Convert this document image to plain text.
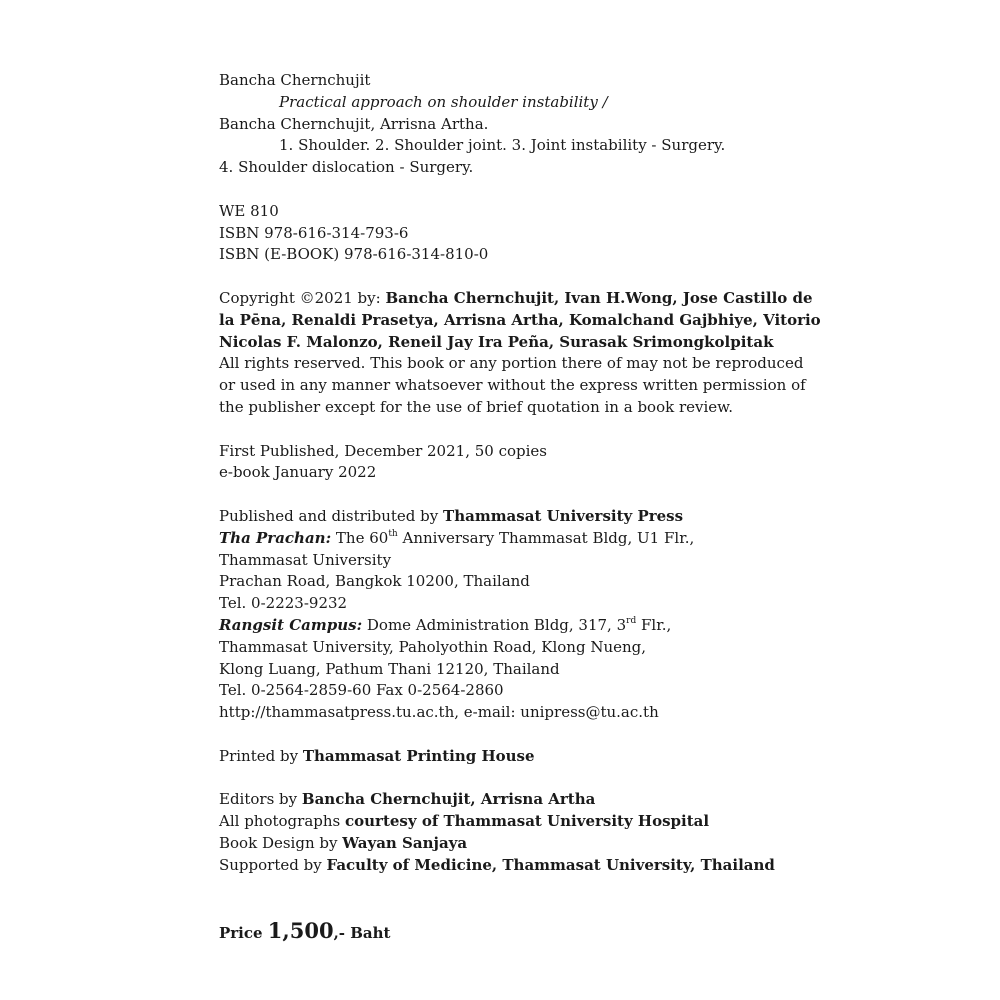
Bancha Chernchujit
Practical approach on shoulder instability /
Bancha Chernchujit, Arrisna Artha.
1. Shoulder. 2. Shoulder joint. 3. Joint instability - Surgery.
4. Shoulder dislocation - Surgery.
WE 810
ISBN 978-616-314-793-6
ISBN (E-BOOK) 978-616-314-810-0
Copyright ©2021 by: Bancha Chernchujit, Ivan H.Wong, Jose Castillo de
la Pēna, Renaldi Prasetya, Arrisna Artha, Komalchand Gajbhiye, Vitorio
Nicolas F. Malonzo, Reneil Jay Ira Peña, Surasak Srimongkolpitak
All rights reserved. This book or any portion there of may not be reproduced
or used in any manner whatsoever without the express written permission of
the publisher except for the use of brief quotation in a book review.
First Published, December 2021, 50 copies
e-book January 2022
Published and distributed by Thammasat University Press
Tha Prachan: The 60th Anniversary Thammasat Bldg, U1 Flr.,
Thammasat University
Prachan Road, Bangkok 10200, Thailand
Tel. 0-2223-9232
Rangsit Campus: Dome Administration Bldg, 317, 3rd Flr.,
Thammasat University, Paholyothin Road, Klong Nueng,
Klong Luang, Pathum Thani 12120, Thailand
Tel. 0-2564-2859-60 Fax 0-2564-2860
http://thammasatpress.tu.ac.th, e-mail: unipress@tu.ac.th
Printed by Thammasat Printing House
Editors by Bancha Chernchujit, Arrisna Artha
All photographs courtesy of Thammasat University Hospital
Book Design by Wayan Sanjaya
Supported by Faculty of Medicine, Thammasat University, Thailand
Price 1,500,- Baht
